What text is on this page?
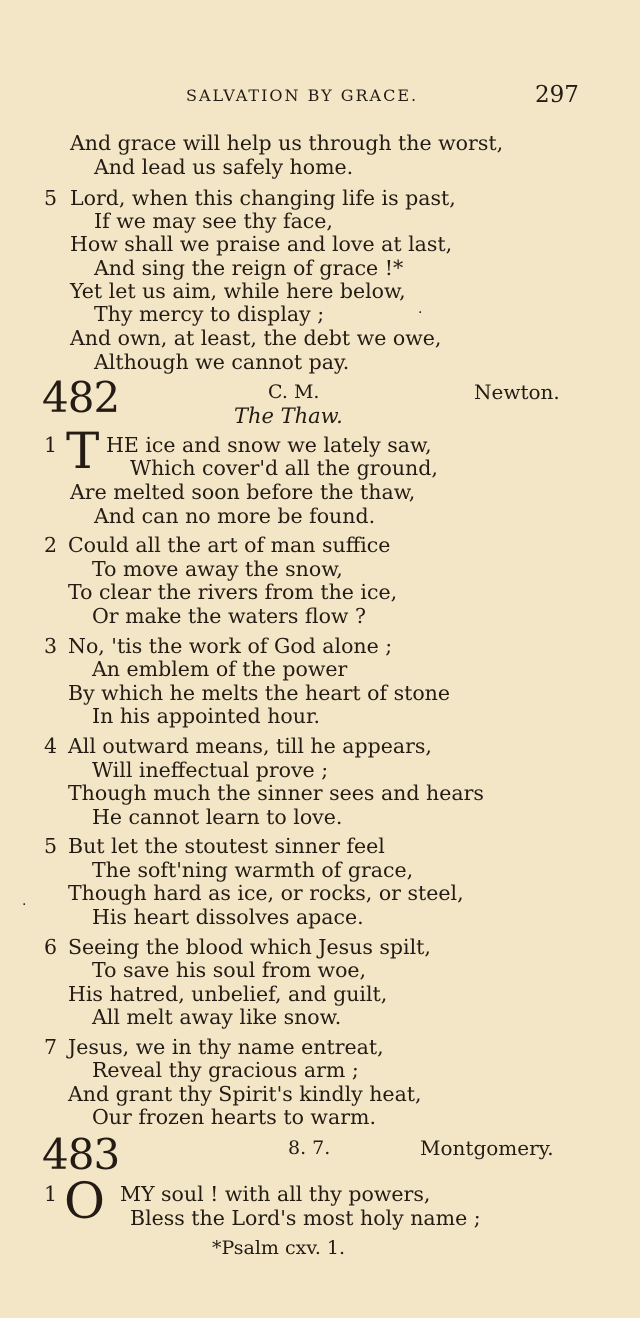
SALVATION BY GRACE.	297
And grace will help us through the worst,
And lead us safely home.
5 Lord, when this changing life is past,
If we may see thy face,
How shall we praise and love at last,
And sing the reign of grace !*
Yet let us aim, while here below,
Thy mercy to display ;	·
And own, at least, the debt we owe,
Although we cannot pay.
482	C. M.	Newton.
The Thaw.
1 T HE ice and snow we lately saw,
Which cover'd all the ground,
Are melted soon before the thaw,
And can no more be found.
2 Could all the art of man suffice
To move away the snow,
To clear the rivers from the ice,
Or make the waters flow ?
3 No, 'tis the work of God alone ;
An emblem of the power
By which he melts the heart of stone
In his appointed hour.
4 All outward means, till he appears,
Will ineffectual prove ;
Though much the sinner sees and hears
He cannot learn to love.
5 But let the stoutest sinner feel
The soft'ning warmth of grace,
Though hard as ice, or rocks, or steel,
·	His heart dissolves apace.
6 Seeing the blood which Jesus spilt,
To save his soul from woe,
His hatred, unbelief, and guilt,
All melt away like snow.
7 Jesus, we in thy name entreat,
Reveal thy gracious arm ;
And grant thy Spirit's kindly heat,
Our frozen hearts to warm.
483	8. 7.	Montgomery.
1 O MY soul ! with all thy powers,
Bless the Lord's most holy name ;
*Psalm cxv. 1.
